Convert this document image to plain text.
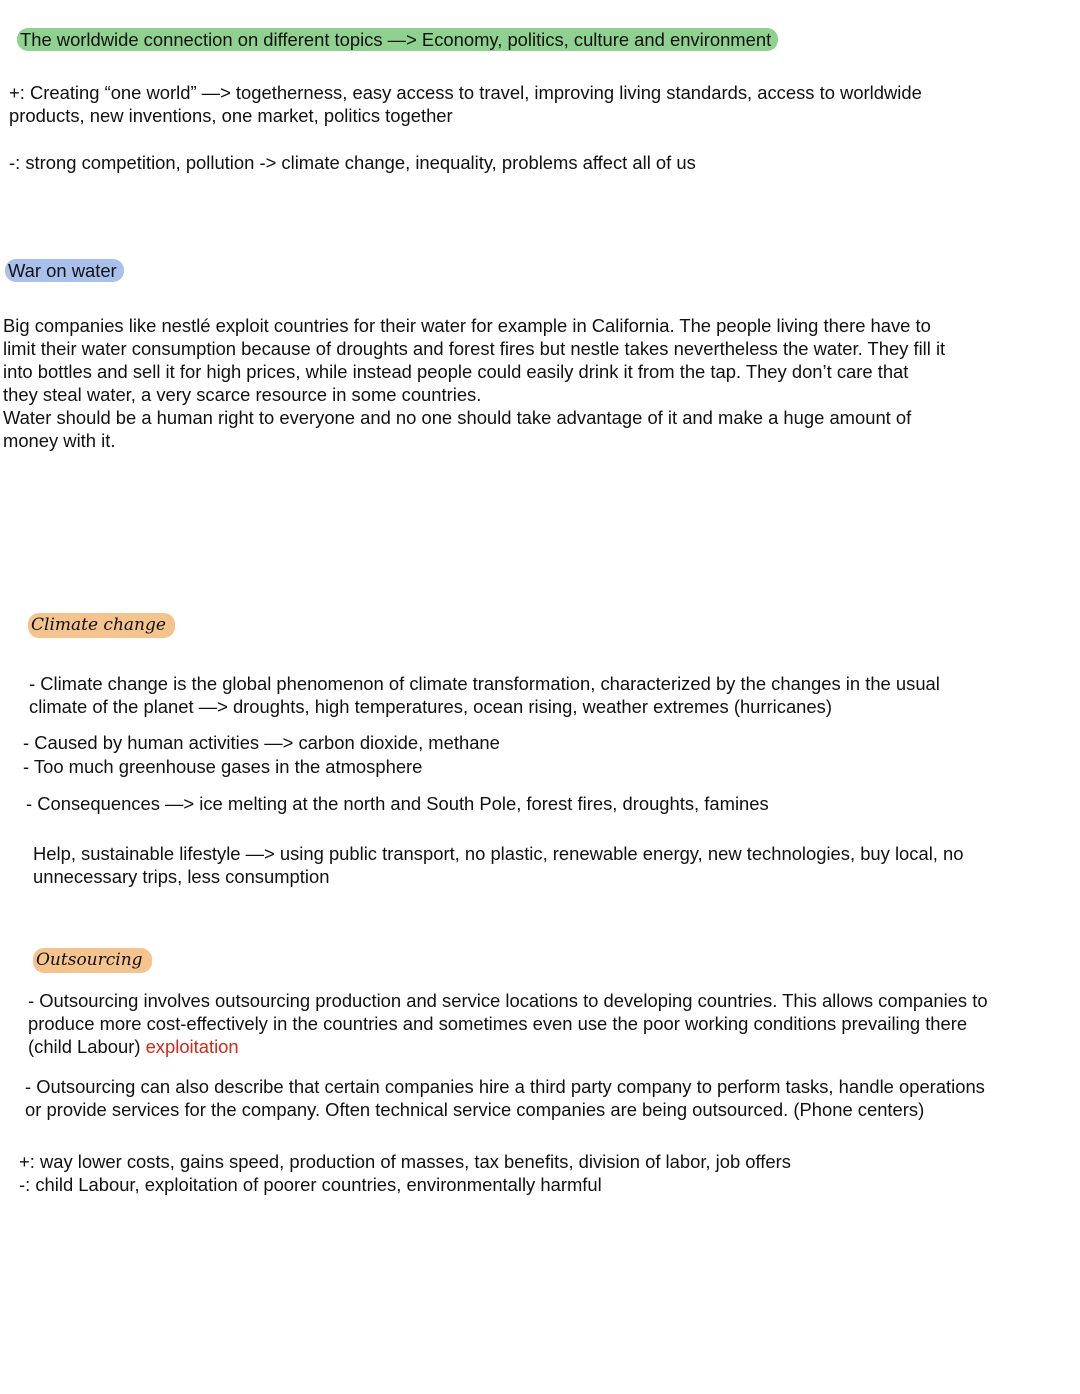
The worldwide connection on different topics —> Economy, politics, culture and environment

+: Creating “one world” —> togetherness, easy access to travel, improving living standards, access to worldwide

products, new inventions, one market, politics together

-: strong competition, pollution -> climate change, inequality, problems affect all of us

War on water

Big companies like nestlé exploit countries for their water for example in California. The people living there have to

limit their water consumption because of droughts and forest fires but nestle takes nevertheless the water. They fill it

into bottles and sell it for high prices, while instead people could easily drink it from the tap. They don’t care that

they steal water, a very scarce resource in some countries.

Water should be a human right to everyone and no one should take advantage of it and make a huge amount of

money with it.

Climate change

- Climate change is the global phenomenon of climate transformation, characterized by the changes in the usual

climate of the planet —> droughts, high temperatures, ocean rising, weather extremes (hurricanes)

- Caused by human activities —> carbon dioxide, methane

- Too much greenhouse gases in the atmosphere

- Consequences —> ice melting at the north and South Pole, forest fires, droughts, famines

Help, sustainable lifestyle —> using public transport, no plastic, renewable energy, new technologies, buy local, no

unnecessary trips, less consumption

Outsourcing

- Outsourcing involves outsourcing production and service locations to developing countries. This allows companies to

produce more cost-effectively in the countries and sometimes even use the poor working conditions prevailing there

(child Labour) exploitation

- Outsourcing can also describe that certain companies hire a third party company to perform tasks, handle operations

or provide services for the company. Often technical service companies are being outsourced. (Phone centers)

+: way lower costs, gains speed, production of masses, tax benefits, division of labor, job offers

-: child Labour, exploitation of poorer countries, environmentally harmful
